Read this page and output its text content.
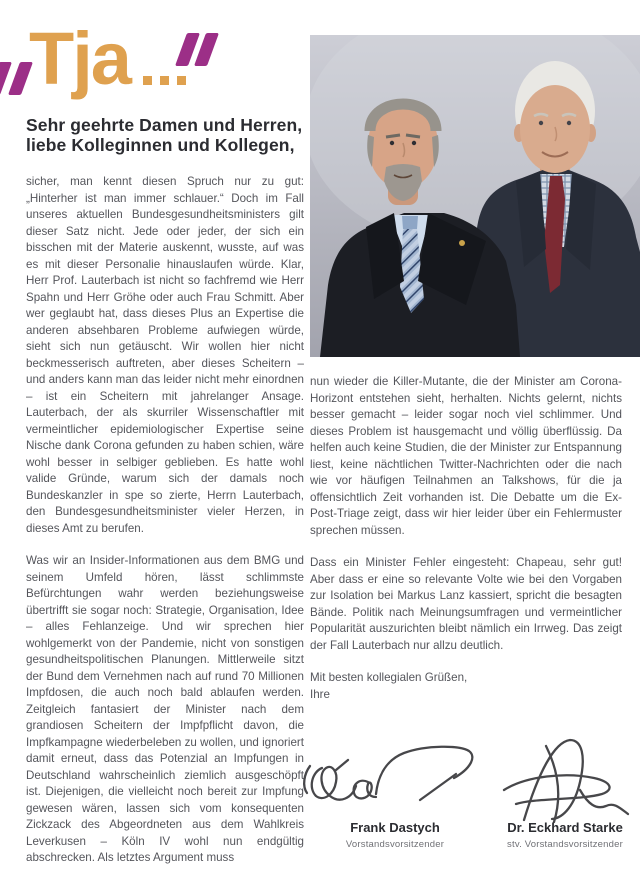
Tja
Sehr geehrte Damen und Herren,
liebe Kolleginnen und Kollegen,

sicher, man kennt diesen Spruch nur zu gut: „Hinterher ist man immer schlauer.“ Doch im Fall unseres aktuellen Bundesgesundheitsministers gilt dieser Satz nicht. Jede oder jeder, der sich ein bisschen mit der Materie auskennt, wusste, auf was es mit dieser Personalie hinauslaufen würde. Klar, Herr Prof. Lauterbach ist nicht so fachfremd wie Herr Spahn und Herr Gröhe oder auch Frau Schmitt. Aber wer geglaubt hat, dass dieses Plus an Expertise die anderen absehbaren Probleme aufwiegen würde, sieht sich nun getäuscht. Wir wollen hier nicht beckmesserisch auftreten, aber dieses Scheitern – und anders kann man das leider nicht mehr einordnen – ist ein Scheitern mit jahrelanger Ansage. Lauterbach, der als skurriler Wissenschaftler mit vermeintlicher epidemiologischer Expertise seine Nische dank Corona gefunden zu haben schien, wäre wohl besser in selbiger geblieben. Es hatte wohl valide Gründe, warum sich der damals noch Bundeskanzler in spe so zierte, Herrn Lauterbach, den Bundesgesundheitsminister vieler Herzen, in dieses Amt zu berufen.

Was wir an Insider-Informationen aus dem BMG und seinem Umfeld hören, lässt schlimmste Befürchtungen wahr werden beziehungsweise übertrifft sie sogar noch: Strategie, Organisation, Idee – alles Fehlanzeige. Und wir sprechen hier wohlgemerkt von der Pandemie, nicht von sonstigen gesundheitspolitischen Planungen. Mittlerweile sitzt der Bund dem Vernehmen nach auf rund 70 Millionen Impfdosen, die auch noch bald ablaufen werden. Zeitgleich fantasiert der Minister nach dem grandiosen Scheitern der Impfpflicht davon, die Impfkampagne wiederbeleben zu wollen, und ignoriert damit erneut, dass das Potenzial an Impfungen in Deutschland wahrscheinlich ziemlich ausgeschöpft ist. Diejenigen, die vielleicht noch bereit zur Impfung gewesen wären, lassen sich vom konsequenten Zickzack des Abgeordneten aus dem Wahlkreis Leverkusen – Köln IV wohl nun endgültig abschrecken. Als letztes Argument muss

nun wieder die Killer-Mutante, die der Minister am Corona-Horizont entstehen sieht, herhalten. Nichts gelernt, nichts besser gemacht – leider sogar noch viel schlimmer. Und dieses Problem ist hausgemacht und völlig überflüssig. Da helfen auch keine Studien, die der Minister zur Entspannung liest, keine nächtlichen Twitter-Nachrichten oder die nach wie vor häufigen Teilnahmen an Talkshows, für die ja offensichtlich Zeit vorhanden ist. Die Debatte um die Ex-Post-Triage zeigt, dass wir hier leider über ein Fehlermuster sprechen müssen.

Dass ein Minister Fehler eingesteht: Chapeau, sehr gut! Aber dass er eine so relevante Volte wie bei den Vorgaben zur Isolation bei Markus Lanz kassiert, spricht die besagten Bände. Politik nach Meinungsumfragen und vermeintlicher Popularität auszurichten bleibt nämlich ein Irrweg. Das zeigt der Fall Lauterbach nur allzu deutlich.

Mit besten kollegialen Grüßen,

Ihre

Frank Dastych
Vorstandsvorsitzender
Dr. Eckhard Starke
stv. Vorstandsvorsitzender
